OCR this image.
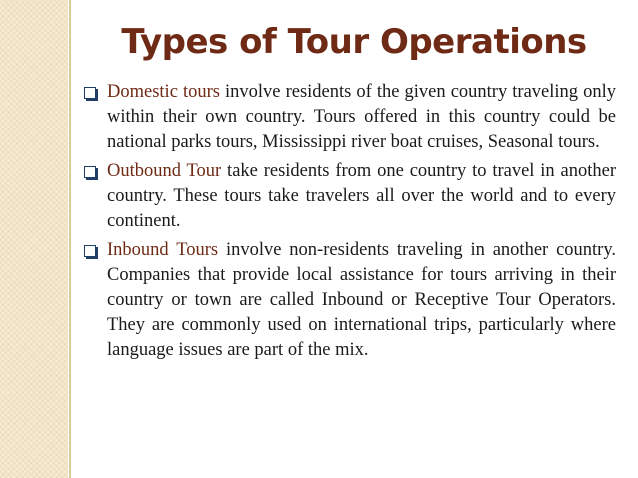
Types of Tour Operations
Domestic tours involve residents of the given country traveling only within their own country. Tours offered in this country could be national parks tours, Mississippi river boat cruises, Seasonal tours.
Outbound Tour take residents from one country to travel in another country. These tours take travelers all over the world and to every continent.
Inbound Tours involve non-residents traveling in another country. Companies that provide local assistance for tours arriving in their country or town are called Inbound or Receptive Tour Operators. They are commonly used on international trips, particularly where language issues are part of the mix.
